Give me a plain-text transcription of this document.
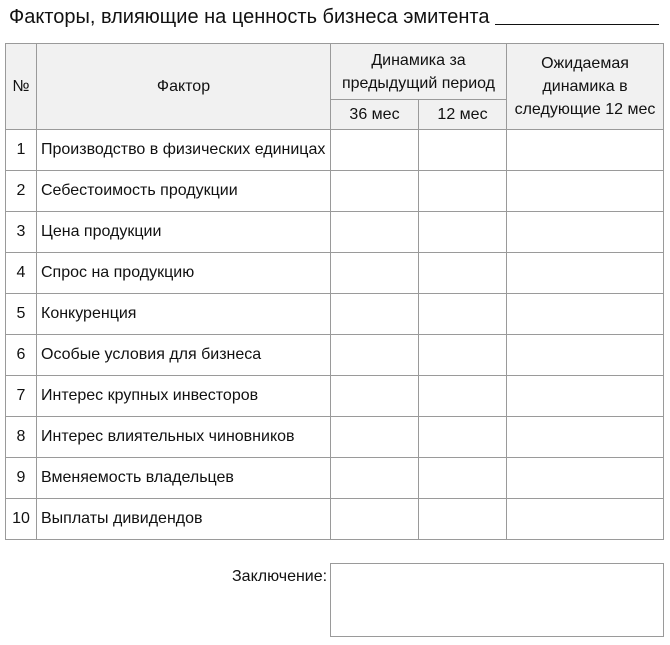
Факторы, влияющие на ценность бизнеса эмитента
№	Фактор	Динамика за предыдущий период		Ожидаемая динамика в следующие 12 мес
		36 мес	12 мес	
1	Производство в физических единицах			
2	Себестоимость продукции			
3	Цена продукции			
4	Спрос на продукцию			
5	Конкуренция			
6	Особые условия для бизнеса			
7	Интерес крупных инвесторов			
8	Интерес влиятельных чиновников			
9	Вменяемость владельцев			
10	Выплаты дивидендов			
Заключение:
